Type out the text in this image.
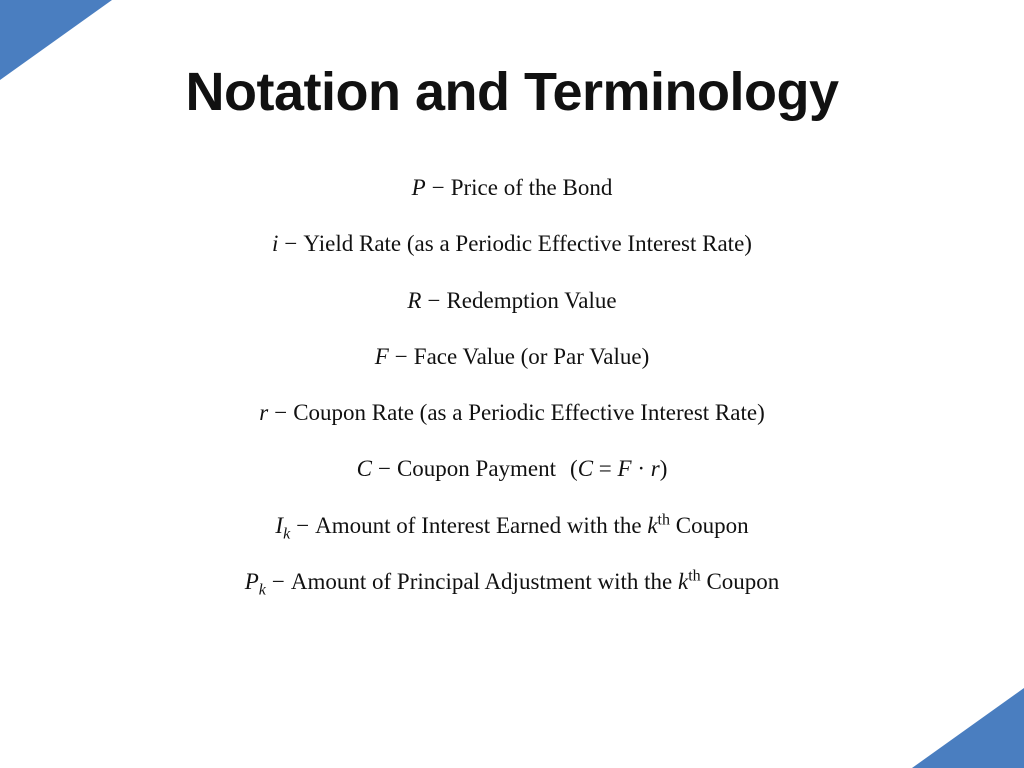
Notation and Terminology
P − Price of the Bond
i − Yield Rate (as a Periodic Effective Interest Rate)
R − Redemption Value
F − Face Value (or Par Value)
r − Coupon Rate (as a Periodic Effective Interest Rate)
C − Coupon Payment (C = F · r)
$I_k$ − Amount of Interest Earned with the $k^{th}$ Coupon
$P_k$ − Amount of Principal Adjustment with the $k^{th}$ Coupon
